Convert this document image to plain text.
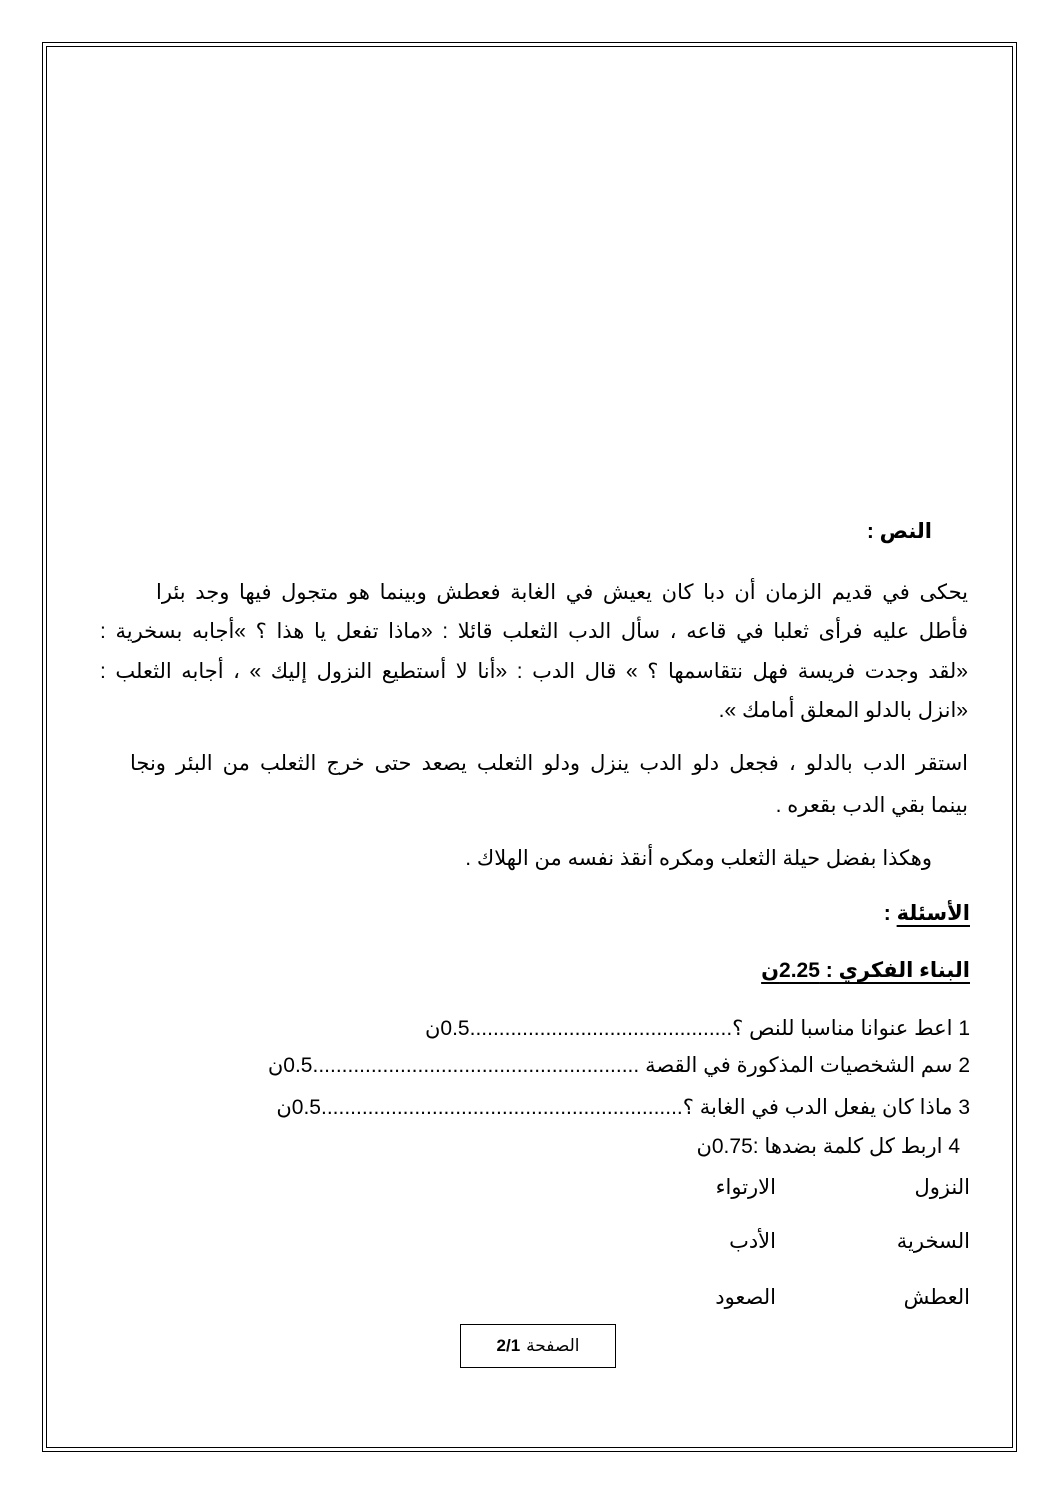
النص :

يحكى في قديم الزمان أن دبا كان يعيش في الغابة فعطش وبينما هو متجول فيها وجد بئرا

فأطل عليه فرأى ثعلبا في قاعه ، سأل الدب الثعلب قائلا : «ماذا تفعل يا هذا ؟ »أجابه بسخرية :

«لقد وجدت فريسة فهل نتقاسمها ؟ » قال الدب : «أنا لا أستطيع النزول إليك » ، أجابه الثعلب :

«انزل بالدلو المعلق أمامك ».

استقر الدب بالدلو ، فجعل دلو الدب ينزل ودلو الثعلب يصعد حتى خرج الثعلب من البئر ونجا

بينما بقي الدب بقعره .

وهكذا بفضل حيلة الثعلب ومكره أنقذ نفسه من الهلاك .

الأسئلة :

البناء الفكري : 2.25ن

1 اعط عنوانا مناسبا للنص ؟.............................................0.5ن

2 سم الشخصيات المذكورة في القصة ........................................................0.5ن

3 ماذا كان يفعل الدب في الغابة ؟..............................................................0.5ن

4 اربط كل كلمة بضدها :0.75ن

النزول
الارتواء
السخرية
الأدب
العطش
الصعود
الصفحة
2/1
